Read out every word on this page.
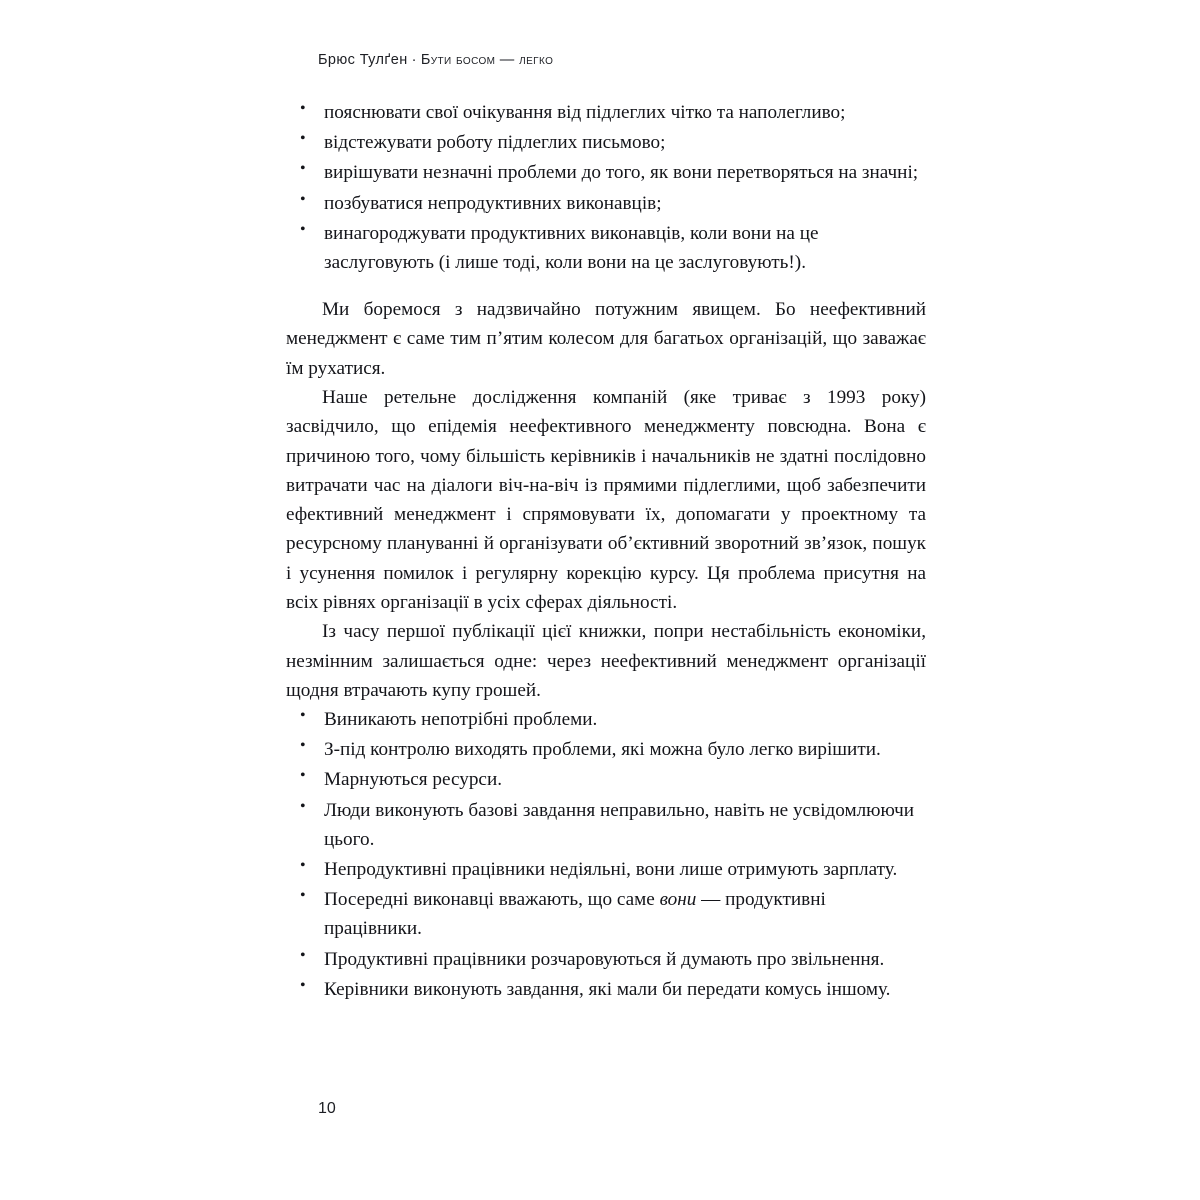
Брюс Тулґен · Бути босом — легко
• пояснювати свої очікування від підлеглих чітко та наполегливо;
• відстежувати роботу підлеглих письмово;
• вирішувати незначні проблеми до того, як вони перетворяться на значні;
• позбуватися непродуктивних виконавців;
• винагороджувати продуктивних виконавців, коли вони на це заслуговують (і лише тоді, коли вони на це заслуговують!).

Ми боремося з надзвичайно потужним явищем. Бо неефективний менеджмент є саме тим п’ятим колесом для багатьох організацій, що заважає їм рухатися.

Наше ретельне дослідження компаній (яке триває з 1993 року) засвідчило, що епідемія неефективного менеджменту повсюдна. Вона є причиною того, чому більшість керівників і начальників не здатні послідовно витрачати час на діалоги віч-на-віч із прямими підлеглими, щоб забезпечити ефективний менеджмент і спрямовувати їх, допомагати у проектному та ресурсному плануванні й організувати об’єктивний зворотний зв’язок, пошук і усунення помилок і регулярну корекцію курсу. Ця проблема присутня на всіх рівнях організації в усіх сферах діяльності.

Із часу першої публікації цієї книжки, попри нестабільність економіки, незмінним залишається одне: через неефективний менеджмент організації щодня втрачають купу грошей.

• Виникають непотрібні проблеми.
• З-під контролю виходять проблеми, які можна було легко вирішити.
• Марнуються ресурси.
• Люди виконують базові завдання неправильно, навіть не усвідомлюючи цього.
• Непродуктивні працівники недіяльні, вони лише отримують зарплату.
• Посередні виконавці вважають, що саме вони — продуктивні працівники.
• Продуктивні працівники розчаровуються й думають про звільнення.
• Керівники виконують завдання, які мали би передати комусь іншому.
10
